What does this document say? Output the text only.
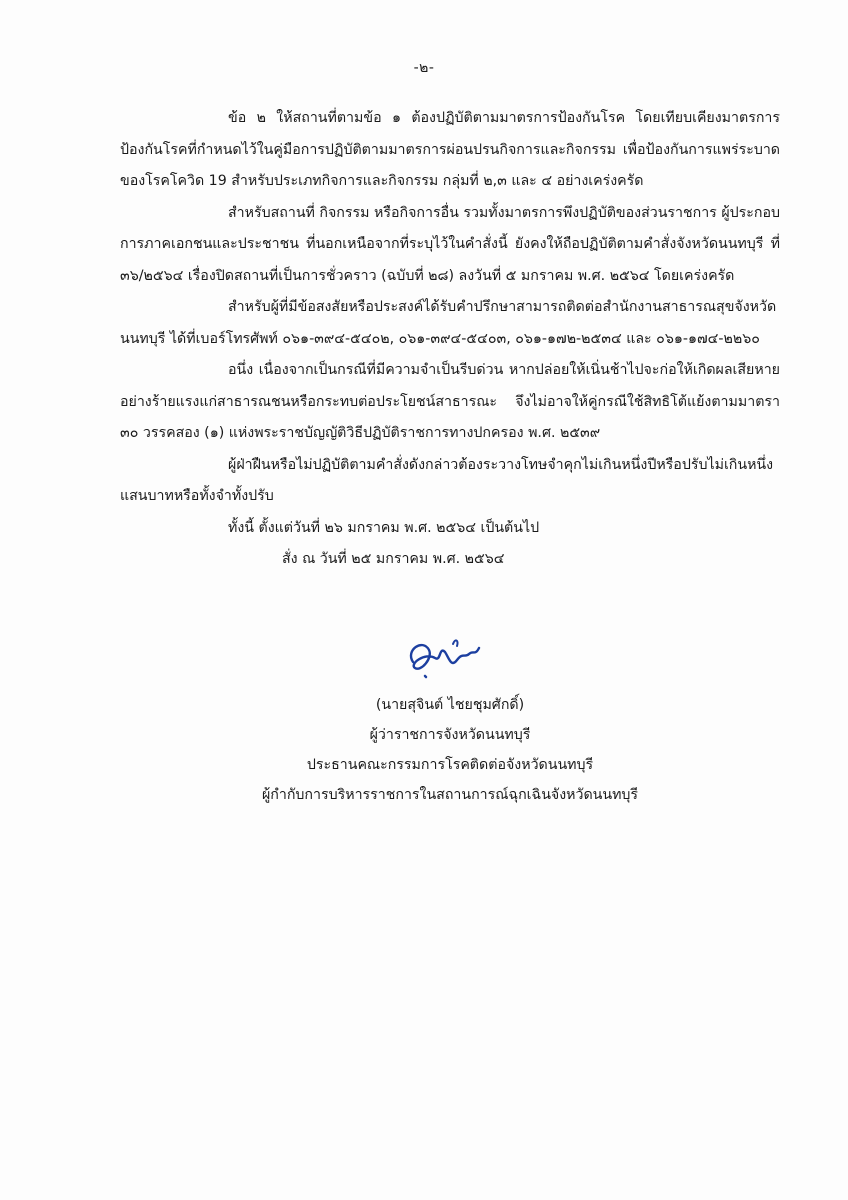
-๒-

ข้อ ๒ ให้สถานที่ตามข้อ ๑ ต้องปฏิบัติตามมาตรการป้องกันโรค โดยเทียบเคียงมาตรการป้องกันโรคที่กำหนดไว้ในคู่มือการปฏิบัติตามมาตรการผ่อนปรนกิจการและกิจกรรม เพื่อป้องกันการแพร่ระบาดของโรคโควิด 19 สำหรับประเภทกิจการและกิจกรรม กลุ่มที่ ๒,๓ และ ๔ อย่างเคร่งครัด

สำหรับสถานที่ กิจกรรม หรือกิจการอื่น รวมทั้งมาตรการพึงปฏิบัติของส่วนราชการ ผู้ประกอบการภาคเอกชนและประชาชน ที่นอกเหนือจากที่ระบุไว้ในคำสั่งนี้ ยังคงให้ถือปฏิบัติตามคำสั่งจังหวัดนนทบุรี ที่ ๓๖/๒๕๖๔ เรื่องปิดสถานที่เป็นการชั่วคราว (ฉบับที่ ๒๘) ลงวันที่ ๕ มกราคม พ.ศ. ๒๕๖๔ โดยเคร่งครัด

สำหรับผู้ที่มีข้อสงสัยหรือประสงค์ได้รับคำปรึกษาสามารถติดต่อสำนักงานสาธารณสุขจังหวัดนนทบุรี ได้ที่เบอร์โทรศัพท์ ๐๖๑-๓๙๔-๕๔๐๒, ๐๖๑-๓๙๔-๕๔๐๓, ๐๖๑-๑๗๒-๒๕๓๔ และ ๐๖๑-๑๗๔-๒๒๖๐

อนึ่ง เนื่องจากเป็นกรณีที่มีความจำเป็นรีบด่วน หากปล่อยให้เนิ่นช้าไปจะก่อให้เกิดผลเสียหายอย่างร้ายแรงแก่สาธารณชนหรือกระทบต่อประโยชน์สาธารณะ จึงไม่อาจให้คู่กรณีใช้สิทธิโต้แย้งตามมาตรา ๓๐ วรรคสอง (๑) แห่งพระราชบัญญัติวิธีปฏิบัติราชการทางปกครอง พ.ศ. ๒๕๓๙

ผู้ฝ่าฝืนหรือไม่ปฏิบัติตามคำสั่งดังกล่าวต้องระวางโทษจำคุกไม่เกินหนึ่งปีหรือปรับไม่เกินหนึ่งแสนบาทหรือทั้งจำทั้งปรับ

ทั้งนี้ ตั้งแต่วันที่ ๒๖ มกราคม พ.ศ. ๒๕๖๔ เป็นต้นไป

สั่ง ณ วันที่ ๒๕ มกราคม พ.ศ. ๒๕๖๔

(นายสุจินต์ ไชยชุมศักดิ์)
ผู้ว่าราชการจังหวัดนนทบุรี
ประธานคณะกรรมการโรคติดต่อจังหวัดนนทบุรี
ผู้กำกับการบริหารราชการในสถานการณ์ฉุกเฉินจังหวัดนนทบุรี
